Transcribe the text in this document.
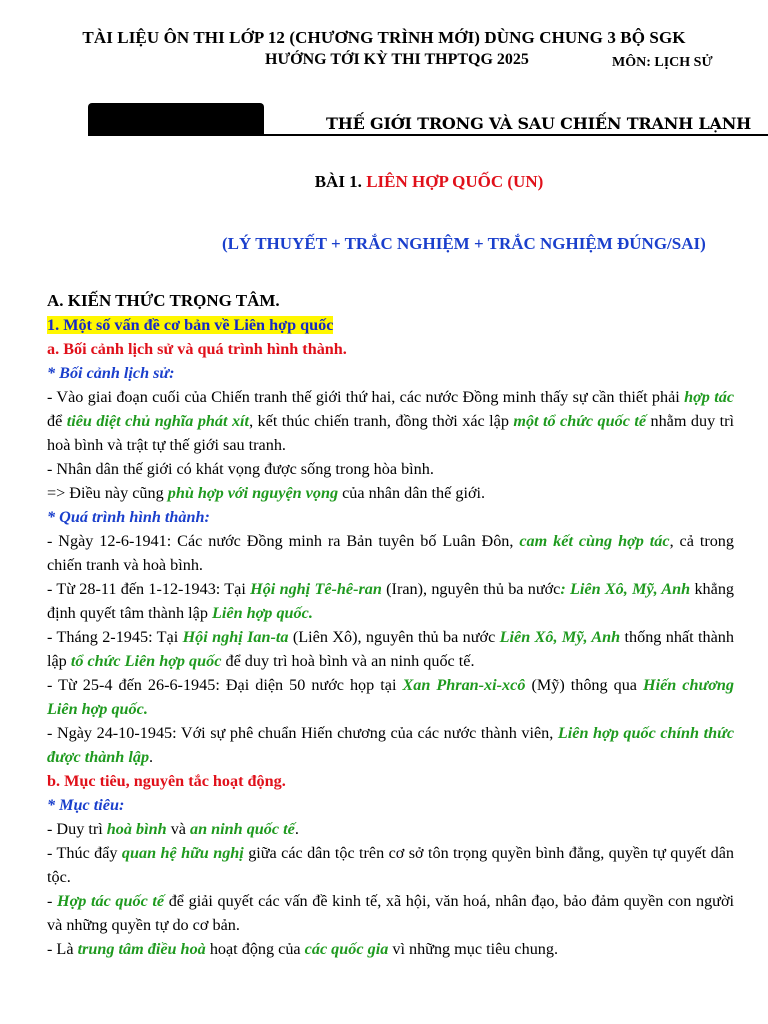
TÀI LIỆU ÔN THI LỚP 12 (CHƯƠNG TRÌNH MỚI) DÙNG CHUNG 3 BỘ SGK
HƯỚNG TỚI KỲ THI THPTQG 2025	MÔN: LỊCH SỬ
THẾ GIỚI TRONG VÀ SAU CHIẾN TRANH LẠNH
BÀI 1. LIÊN HỢP QUỐC (UN)
(LÝ THUYẾT + TRẮC NGHIỆM + TRẮC NGHIỆM ĐÚNG/SAI)

A. KIẾN THỨC TRỌNG TÂM.

1. Một số vấn đề cơ bản về Liên hợp quốc

a. Bối cảnh lịch sử và quá trình hình thành.

* Bối cảnh lịch sử:

- Vào giai đoạn cuối của Chiến tranh thế giới thứ hai, các nước Đồng minh thấy sự cần thiết phải hợp tác để tiêu diệt chủ nghĩa phát xít, kết thúc chiến tranh, đồng thời xác lập một tổ chức quốc tế nhằm duy trì hoà bình và trật tự thế giới sau tranh.

- Nhân dân thế giới có khát vọng được sống trong hòa bình.

=> Điều này cũng phù hợp với nguyện vọng của nhân dân thế giới.

* Quá trình hình thành:

- Ngày 12-6-1941: Các nước Đồng minh ra Bản tuyên bố Luân Đôn, cam kết cùng hợp tác, cả trong chiến tranh và hoà bình.

- Từ 28-11 đến 1-12-1943: Tại Hội nghị Tê-hê-ran (Iran), nguyên thủ ba nước: Liên Xô, Mỹ, Anh khẳng định quyết tâm thành lập Liên hợp quốc.

- Tháng 2-1945: Tại Hội nghị Ian-ta (Liên Xô), nguyên thủ ba nước Liên Xô, Mỹ, Anh thống nhất thành lập tổ chức Liên hợp quốc để duy trì hoà bình và an ninh quốc tế.

- Từ 25-4 đến 26-6-1945: Đại diện 50 nước họp tại Xan Phran-xi-xcô (Mỹ) thông qua Hiến chương Liên hợp quốc.

- Ngày 24-10-1945: Với sự phê chuẩn Hiến chương của các nước thành viên, Liên hợp quốc chính thức được thành lập.

b. Mục tiêu, nguyên tắc hoạt động.

* Mục tiêu:

- Duy trì hoà bình và an ninh quốc tế.

- Thúc đẩy quan hệ hữu nghị giữa các dân tộc trên cơ sở tôn trọng quyền bình đẳng, quyền tự quyết dân tộc.

- Hợp tác quốc tế để giải quyết các vấn đề kinh tế, xã hội, văn hoá, nhân đạo, bảo đảm quyền con người và những quyền tự do cơ bản.

- Là trung tâm điều hoà hoạt động của các quốc gia vì những mục tiêu chung.
